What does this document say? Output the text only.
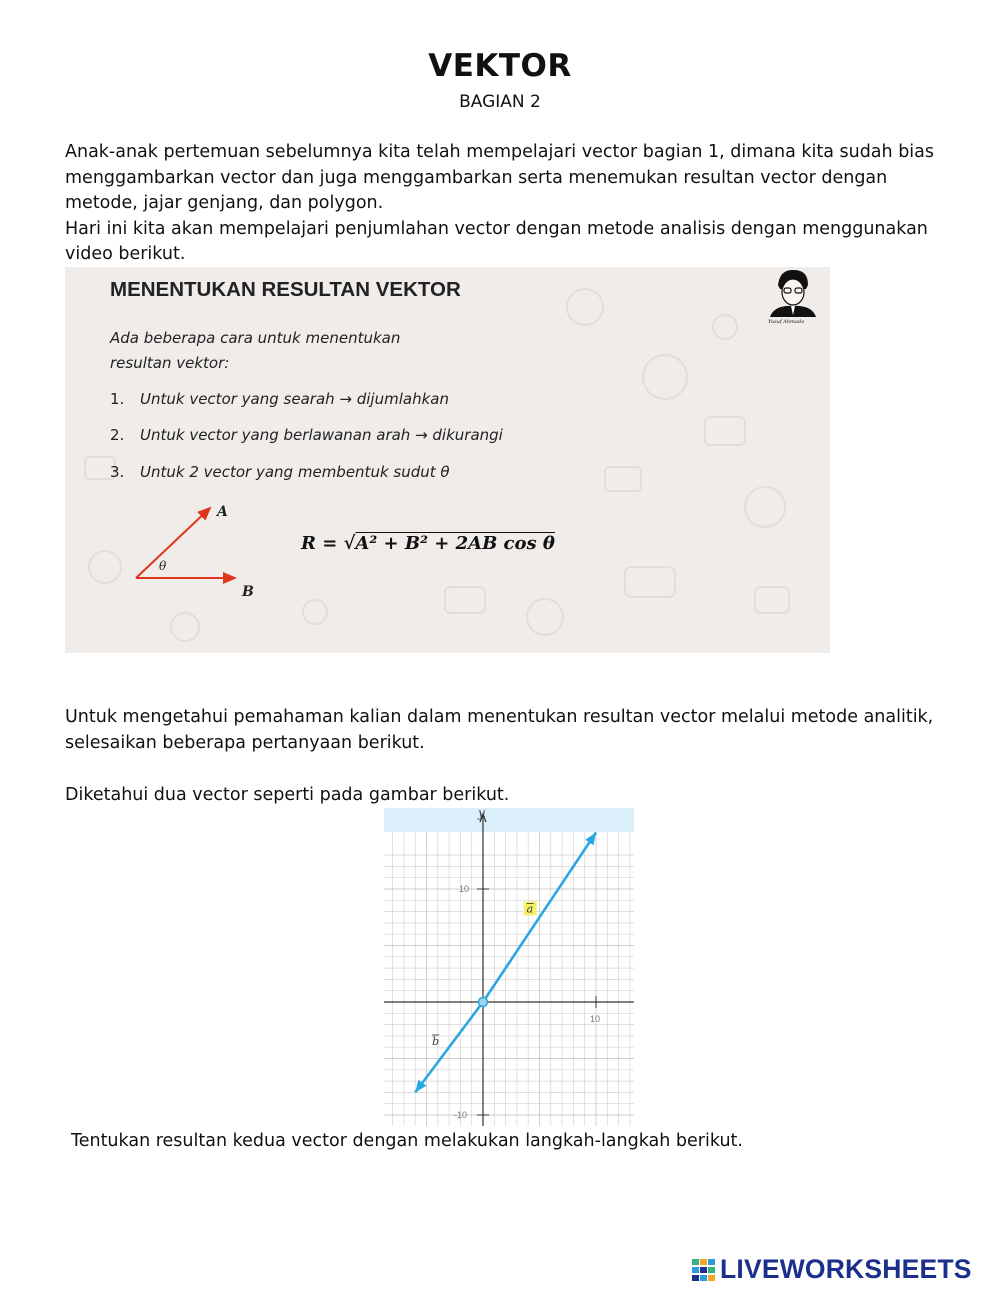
VEKTOR
BAGIAN 2
Anak-anak pertemuan sebelumnya kita telah mempelajari vector bagian 1, dimana kita sudah bias menggambarkan vector dan juga menggambarkan serta menemukan resultan vector dengan metode, jajar genjang, dan polygon.
Hari ini kita akan mempelajari penjumlahan vector dengan metode analisis dengan menggunakan video berikut.
MENENTUKAN RESULTAN VEKTOR
Ada beberapa cara untuk menentukan
resultan vektor:
1. Untuk vector yang searah → dijumlahkan
2. Untuk vector yang berlawanan arah → dikurangi
3. Untuk 2 vector yang membentuk sudut θ
A
B
θ
R = √A² + B² + 2AB cos θ
Yusuf Ahmada
Untuk mengetahui pemahaman kalian dalam menentukan resultan vector melalui metode analitik, selesaikan beberapa pertanyaan berikut.
Diketahui dua vector seperti pada gambar berikut.
10
10
-10
y
a
b
Tentukan resultan kedua vector dengan melakukan langkah-langkah berikut.
LIVEWORKSHEETS
